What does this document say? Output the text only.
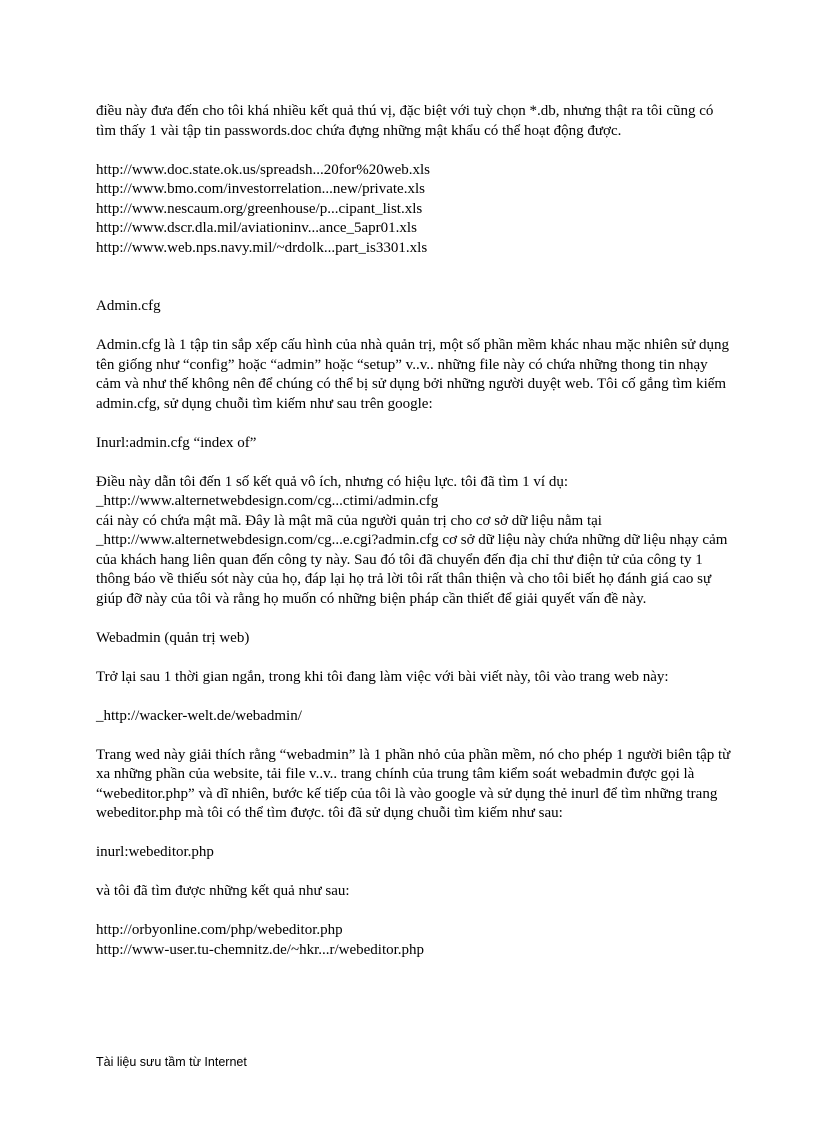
điều này đưa đến cho tôi khá nhiều kết quả thú vị, đặc biệt với tuỳ chọn *.db, nhưng thật ra tôi cũng có tìm thấy 1 vài tập tin passwords.doc chứa đựng những mật khẩu có thể hoạt động được.

http://www.doc.state.ok.us/spreadsh...20for%20web.xls
http://www.bmo.com/investorrelation...new/private.xls
http://www.nescaum.org/greenhouse/p...cipant_list.xls
http://www.dscr.dla.mil/aviationinv...ance_5apr01.xls
http://www.web.nps.navy.mil/~drdolk...part_is3301.xls

Admin.cfg

Admin.cfg là 1 tập tin sắp xếp cấu hình của nhà quản trị, một số phần mềm khác nhau mặc nhiên sử dụng tên giống như “config” hoặc “admin” hoặc “setup” v..v.. những file này có chứa những thong tin nhạy cảm và như thế không nên để chúng có thể bị sử dụng bởi những người duyệt web. Tôi cố gắng tìm kiếm admin.cfg, sử dụng chuỗi tìm kiếm như sau trên google:

Inurl:admin.cfg “index of”

Điều này dẫn tôi đến 1 số kết quả vô ích, nhưng có hiệu lực. tôi đã tìm 1 ví dụ:
_http://www.alternetwebdesign.com/cg...ctimi/admin.cfg
cái này có chứa mật mã. Đây là mật mã của người quản trị cho cơ sở dữ liệu nằm tại
_http://www.alternetwebdesign.com/cg...e.cgi?admin.cfg cơ sở dữ liệu này chứa những dữ liệu nhạy cảm của khách hang liên quan đến công ty này. Sau đó tôi đã chuyển đến địa chỉ thư điện tử của công ty 1 thông báo về thiếu sót này của họ, đáp lại họ trả lời tôi rất thân thiện và cho tôi biết họ đánh giá cao sự giúp đỡ này của tôi và rằng họ muốn có những biện pháp cần thiết để giải quyết vấn đề này.

Webadmin (quản trị web)

Trở lại sau 1 thời gian ngắn, trong khi tôi đang làm việc với bài viết này, tôi vào trang web này:

_http://wacker-welt.de/webadmin/

Trang wed này giải thích rằng “webadmin” là 1 phần nhỏ của phần mềm, nó cho phép 1 người biên tập từ xa những phần của website, tải file v..v.. trang chính của trung tâm kiểm soát webadmin được gọi là “webeditor.php” và dĩ nhiên, bước kế tiếp của tôi là vào google và sử dụng thẻ inurl để tìm những trang webeditor.php mà tôi có thể tìm được. tôi đã sử dụng chuỗi tìm kiếm như sau:

inurl:webeditor.php

và tôi đã tìm được những kết quả như sau:

http://orbyonline.com/php/webeditor.php
http://www-user.tu-chemnitz.de/~hkr...r/webeditor.php

Tài liệu sưu tầm từ Internet
